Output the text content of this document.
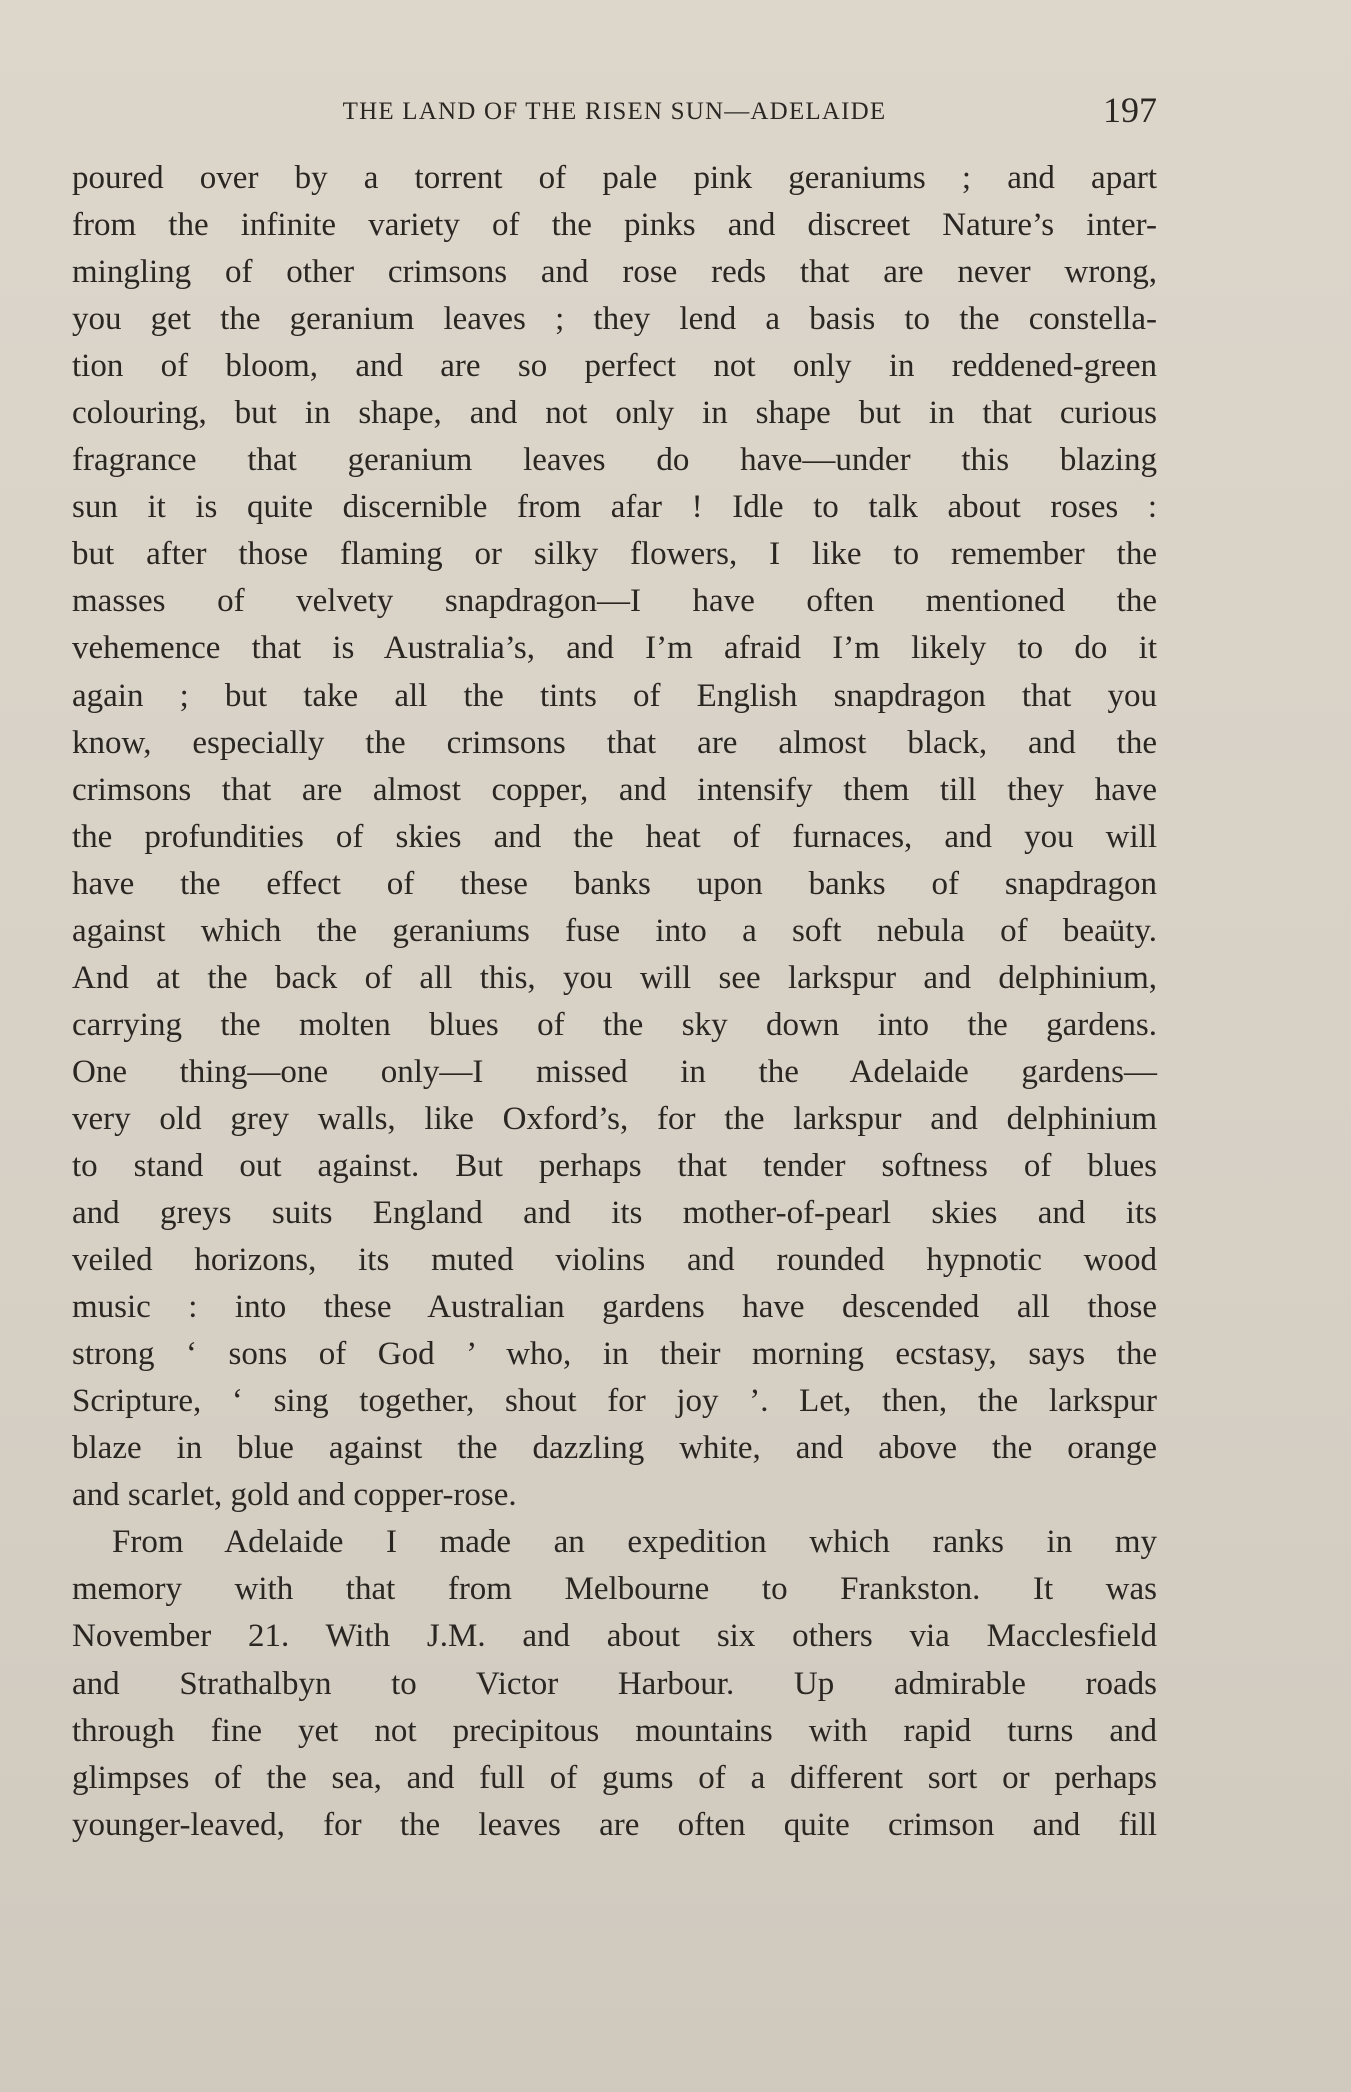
THE LAND OF THE RISEN SUN—ADELAIDE	197
poured over by a torrent of pale pink geraniums ; and apart
from the infinite variety of the pinks and discreet Nature’s inter-
mingling of other crimsons and rose reds that are never wrong,
you get the geranium leaves ; they lend a basis to the constella-
tion of bloom, and are so perfect not only in reddened-green
colouring, but in shape, and not only in shape but in that curious
fragrance that geranium leaves do have—under this blazing
sun it is quite discernible from afar ! Idle to talk about roses :
but after those flaming or silky flowers, I like to remember the
masses of velvety snapdragon—I have often mentioned the
vehemence that is Australia’s, and I’m afraid I’m likely to do it
again ; but take all the tints of English snapdragon that you
know, especially the crimsons that are almost black, and the
crimsons that are almost copper, and intensify them till they have
the profundities of skies and the heat of furnaces, and you will
have the effect of these banks upon banks of snapdragon
against which the geraniums fuse into a soft nebula of beaüty.
And at the back of all this, you will see larkspur and delphinium,
carrying the molten blues of the sky down into the gardens.
One thing—one only—I missed in the Adelaide gardens—
very old grey walls, like Oxford’s, for the larkspur and delphinium
to stand out against. But perhaps that tender softness of blues
and greys suits England and its mother-of-pearl skies and its
veiled horizons, its muted violins and rounded hypnotic wood
music : into these Australian gardens have descended all those
strong ‘ sons of God ’ who, in their morning ecstasy, says the
Scripture, ‘ sing together, shout for joy ’. Let, then, the larkspur
blaze in blue against the dazzling white, and above the orange
and scarlet, gold and copper-rose.
From Adelaide I made an expedition which ranks in my
memory with that from Melbourne to Frankston. It was
November 21. With J.M. and about six others via Macclesfield
and Strathalbyn to Victor Harbour. Up admirable roads
through fine yet not precipitous mountains with rapid turns and
glimpses of the sea, and full of gums of a different sort or perhaps
younger-leaved, for the leaves are often quite crimson and fill
